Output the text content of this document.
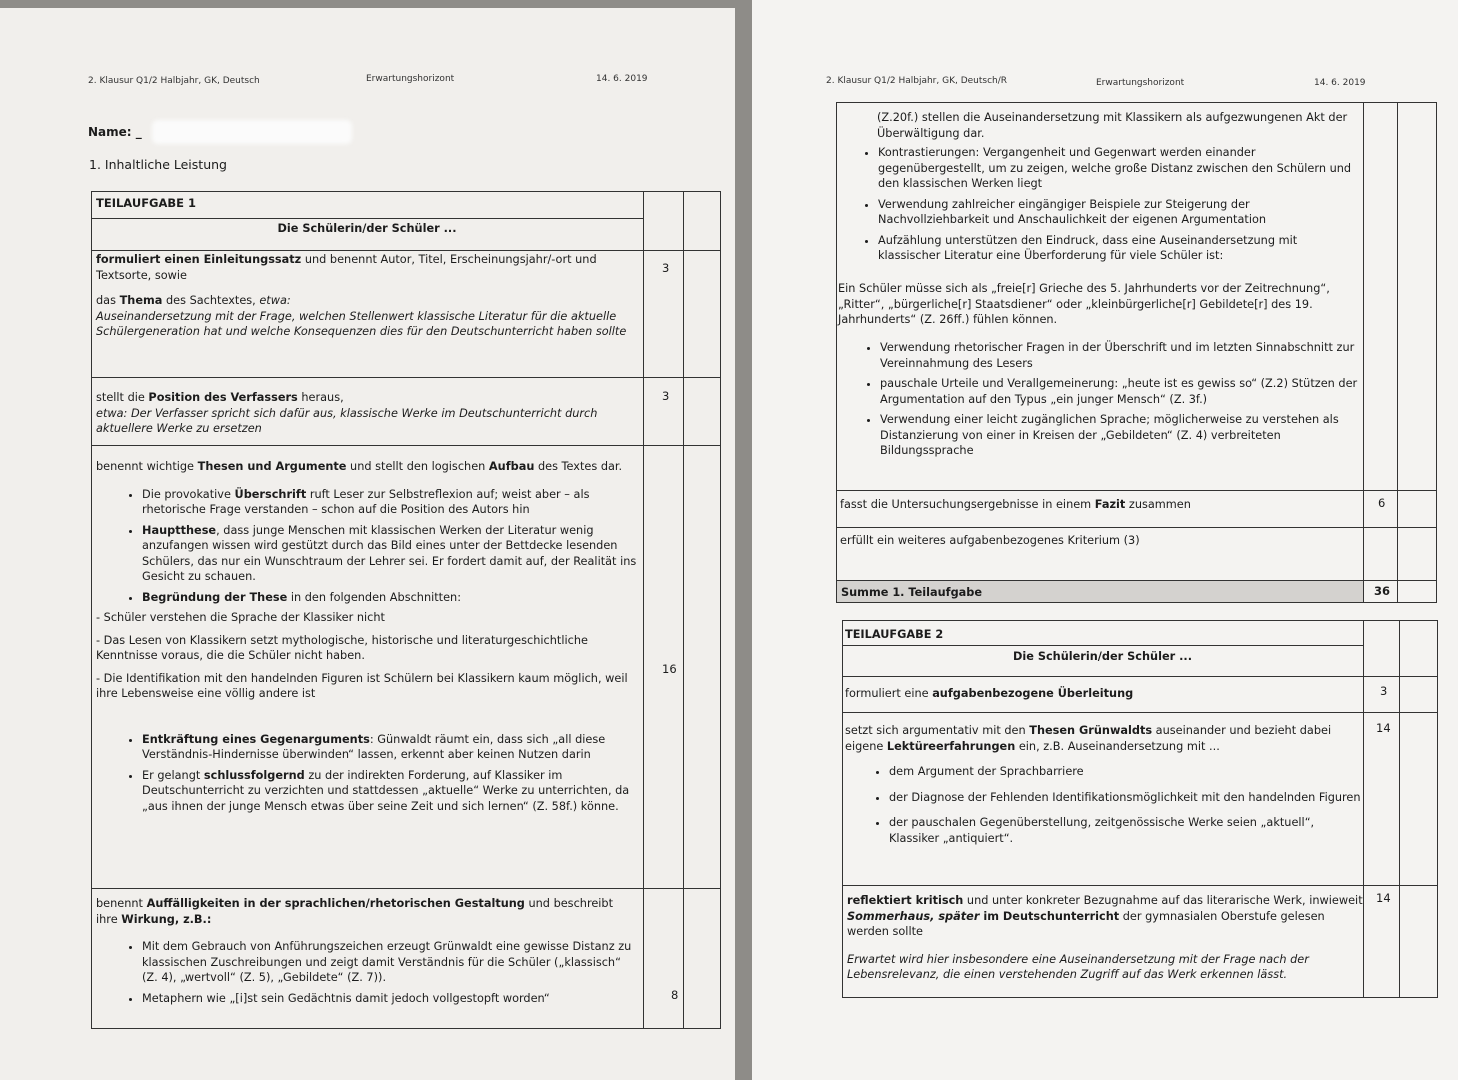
2. Klausur Q1/2 Halbjahr, GK, Deutsch	Erwartungshorizont	14. 6. 2019
Name: _
1. Inhaltliche Leistung
TEILAUFGABE 1
Die Schülerin/der Schüler ...
formuliert einen Einleitungssatz und benennt Autor, Titel, Erscheinungsjahr/-ort und Textsorte, sowie
das Thema des Sachtextes, etwa:
Auseinandersetzung mit der Frage, welchen Stellenwert klassische Literatur für die aktuelle Schülergeneration hat und welche Konsequenzen dies für den Deutschunterricht haben sollte
3
stellt die Position des Verfassers heraus,
etwa: Der Verfasser spricht sich dafür aus, klassische Werke im Deutschunterricht durch aktuellere Werke zu ersetzen
3
benennt wichtige Thesen und Argumente und stellt den logischen Aufbau des Textes dar.
• Die provokative Überschrift ruft Leser zur Selbstreflexion auf; weist aber – als rhetorische Frage verstanden – schon auf die Position des Autors hin
• Hauptthese, dass junge Menschen mit klassischen Werken der Literatur wenig anzufangen wissen wird gestützt durch das Bild eines unter der Bettdecke lesenden Schülers, das nur ein Wunschtraum der Lehrer sei. Er fordert damit auf, der Realität ins Gesicht zu schauen.
• Begründung der These in den folgenden Abschnitten:
- Schüler verstehen die Sprache der Klassiker nicht
- Das Lesen von Klassikern setzt mythologische, historische und literaturgeschichtliche Kenntnisse voraus, die die Schüler nicht haben.
- Die Identifikation mit den handelnden Figuren ist Schülern bei Klassikern kaum möglich, weil ihre Lebensweise eine völlig andere ist
• Entkräftung eines Gegenarguments: Günwaldt räumt ein, dass sich „all diese Verständnis-Hindernisse überwinden“ lassen, erkennt aber keinen Nutzen darin
• Er gelangt schlussfolgernd zu der indirekten Forderung, auf Klassiker im Deutschunterricht zu verzichten und stattdessen „aktuelle“ Werke zu unterrichten, da „aus ihnen der junge Mensch etwas über seine Zeit und sich lernen“ (Z. 58f.) könne.
16
benennt Auffälligkeiten in der sprachlichen/rhetorischen Gestaltung und beschreibt ihre Wirkung, z.B.:
• Mit dem Gebrauch von Anführungszeichen erzeugt Grünwaldt eine gewisse Distanz zu klassischen Zuschreibungen und zeigt damit Verständnis für die Schüler („klassisch“ (Z. 4), „wertvoll“ (Z. 5), „Gebildete“ (Z. 7)).
• Metaphern wie „[i]st sein Gedächtnis damit jedoch vollgestopft worden“	8
2. Klausur Q1/2 Halbjahr, GK, Deutsch/R	Erwartungshorizont	14. 6. 2019
(Z.20f.) stellen die Auseinandersetzung mit Klassikern als aufgezwungenen Akt der Überwältigung dar.
• Kontrastierungen: Vergangenheit und Gegenwart werden einander gegenübergestellt, um zu zeigen, welche große Distanz zwischen den Schülern und den klassischen Werken liegt
• Verwendung zahlreicher eingängiger Beispiele zur Steigerung der Nachvollziehbarkeit und Anschaulichkeit der eigenen Argumentation
• Aufzählung unterstützen den Eindruck, dass eine Auseinandersetzung mit klassischer Literatur eine Überforderung für viele Schüler ist:
Ein Schüler müsse sich als „freie[r] Grieche des 5. Jahrhunderts vor der Zeitrechnung“, „Ritter“, „bürgerliche[r] Staatsdiener“ oder „kleinbürgerliche[r] Gebildete[r] des 19. Jahrhunderts“ (Z. 26ff.) fühlen können.
• Verwendung rhetorischer Fragen in der Überschrift und im letzten Sinnabschnitt zur Vereinnahmung des Lesers
• pauschale Urteile und Verallgemeinerung: „heute ist es gewiss so“ (Z.2) Stützen der Argumentation auf den Typus „ein junger Mensch“ (Z. 3f.)
• Verwendung einer leicht zugänglichen Sprache; möglicherweise zu verstehen als Distanzierung von einer in Kreisen der „Gebildeten“ (Z. 4) verbreiteten Bildungssprache
fasst die Untersuchungsergebnisse in einem Fazit zusammen	6
erfüllt ein weiteres aufgabenbezogenes Kriterium (3)
Summe 1. Teilaufgabe	36
TEILAUFGABE 2
Die Schülerin/der Schüler ...
formuliert eine aufgabenbezogene Überleitung	3
setzt sich argumentativ mit den Thesen Grünwaldts auseinander und bezieht dabei eigene Lektüreerfahrungen ein, z.B. Auseinandersetzung mit ...
• dem Argument der Sprachbarriere
• der Diagnose der Fehlenden Identifikationsmöglichkeit mit den handelnden Figuren
• der pauschalen Gegenüberstellung, zeitgenössische Werke seien „aktuell“, Klassiker „antiquiert“.
14
reflektiert kritisch und unter konkreter Bezugnahme auf das literarische Werk, inwieweit Sommerhaus, später im Deutschunterricht der gymnasialen Oberstufe gelesen werden sollte
Erwartet wird hier insbesondere eine Auseinandersetzung mit der Frage nach der Lebensrelevanz, die einen verstehenden Zugriff auf das Werk erkennen lässt.
14
